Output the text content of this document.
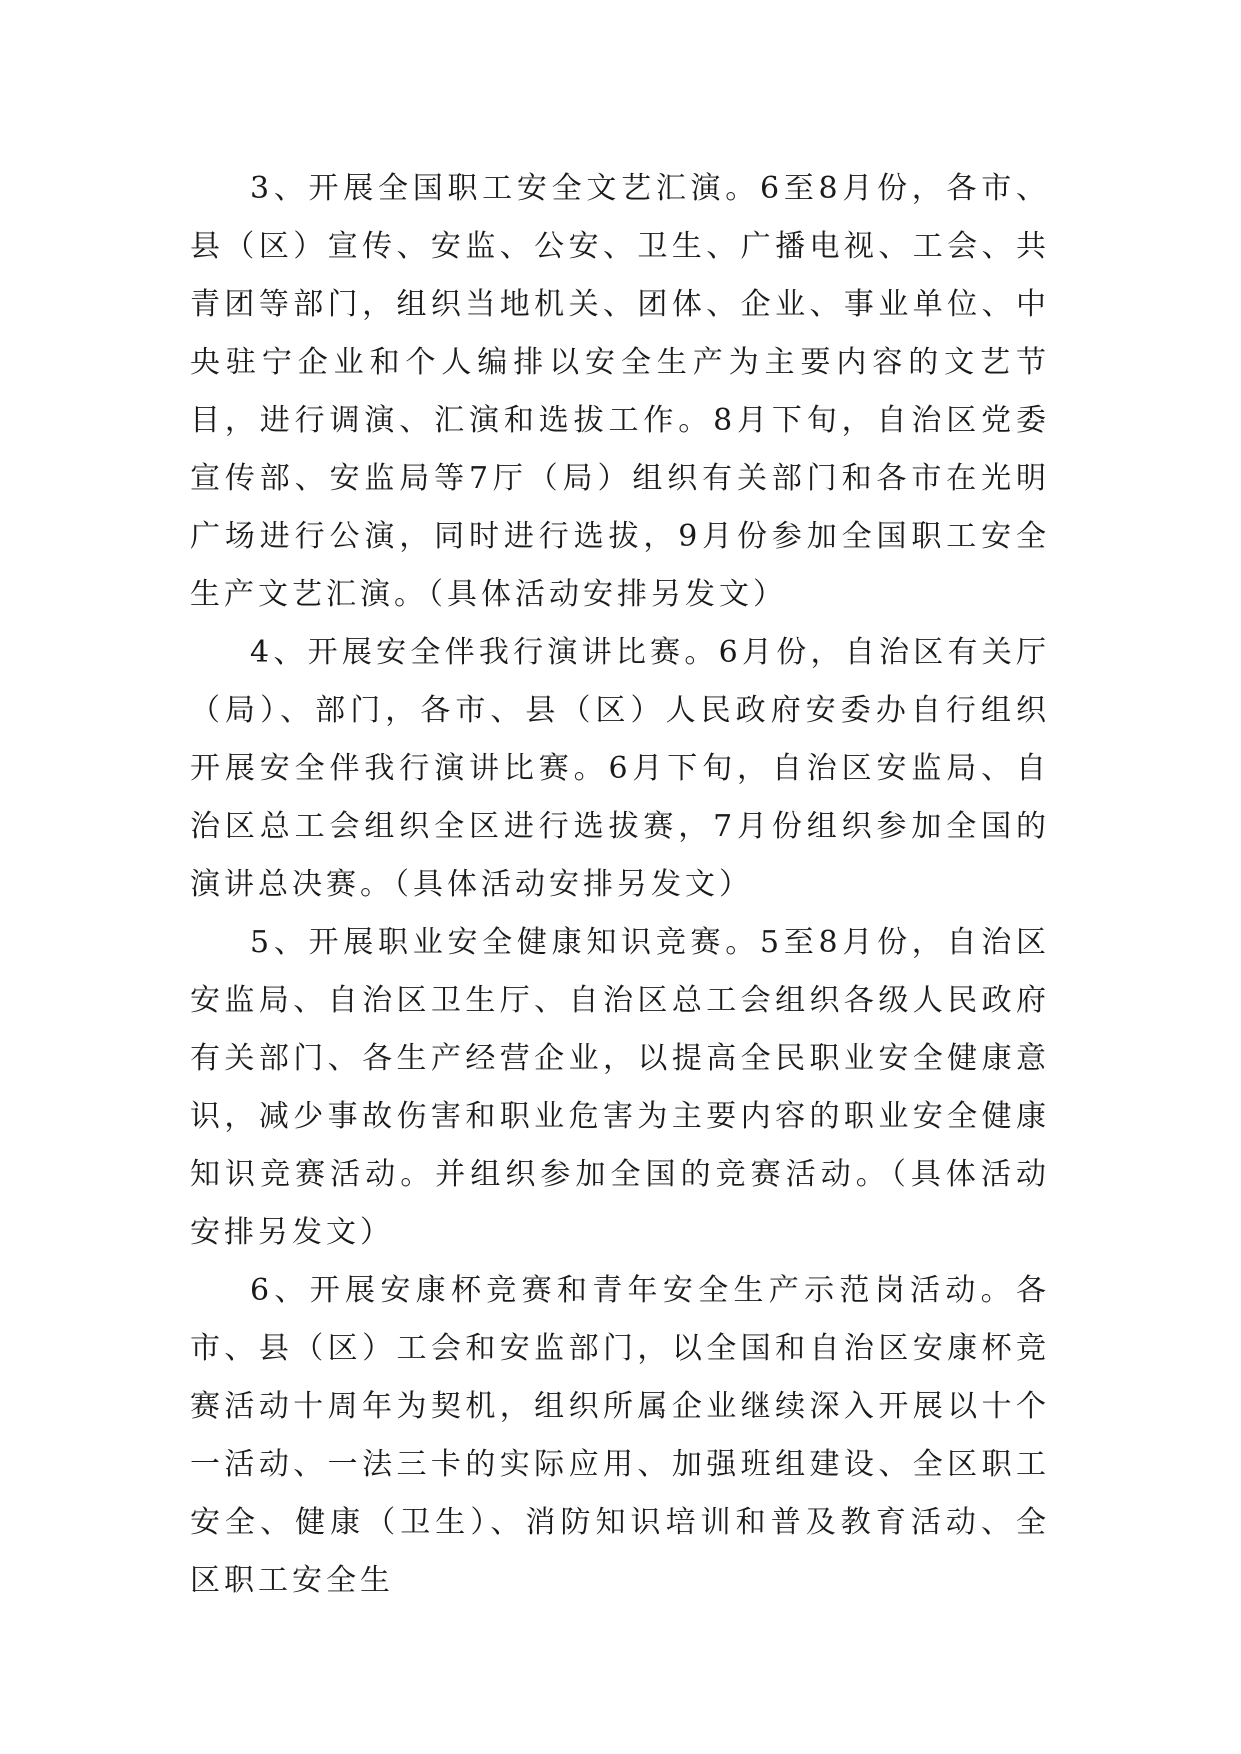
3、开展全国职工安全文艺汇演。6至8月份，各市、县（区）宣传、安监、公安、卫生、广播电视、工会、共青团等部门，组织当地机关、团体、企业、事业单位、中央驻宁企业和个人编排以安全生产为主要内容的文艺节目，进行调演、汇演和选拔工作。8月下旬，自治区党委宣传部、安监局等7厅（局）组织有关部门和各市在光明广场进行公演，同时进行选拔，9月份参加全国职工安全生产文艺汇演。（具体活动安排另发文）

4、开展安全伴我行演讲比赛。6月份，自治区有关厅（局）、部门，各市、县（区）人民政府安委办自行组织开展安全伴我行演讲比赛。6月下旬，自治区安监局、自治区总工会组织全区进行选拔赛，7月份组织参加全国的演讲总决赛。（具体活动安排另发文）

5、开展职业安全健康知识竞赛。5至8月份，自治区安监局、自治区卫生厅、自治区总工会组织各级人民政府有关部门、各生产经营企业，以提高全民职业安全健康意识，减少事故伤害和职业危害为主要内容的职业安全健康知识竞赛活动。并组织参加全国的竞赛活动。（具体活动安排另发文）

6、开展安康杯竞赛和青年安全生产示范岗活动。各市、县（区）工会和安监部门，以全国和自治区安康杯竞赛活动十周年为契机，组织所属企业继续深入开展以十个一活动、一法三卡的实际应用、加强班组建设、全区职工安全、健康（卫生）、消防知识培训和普及教育活动、全区职工安全生
